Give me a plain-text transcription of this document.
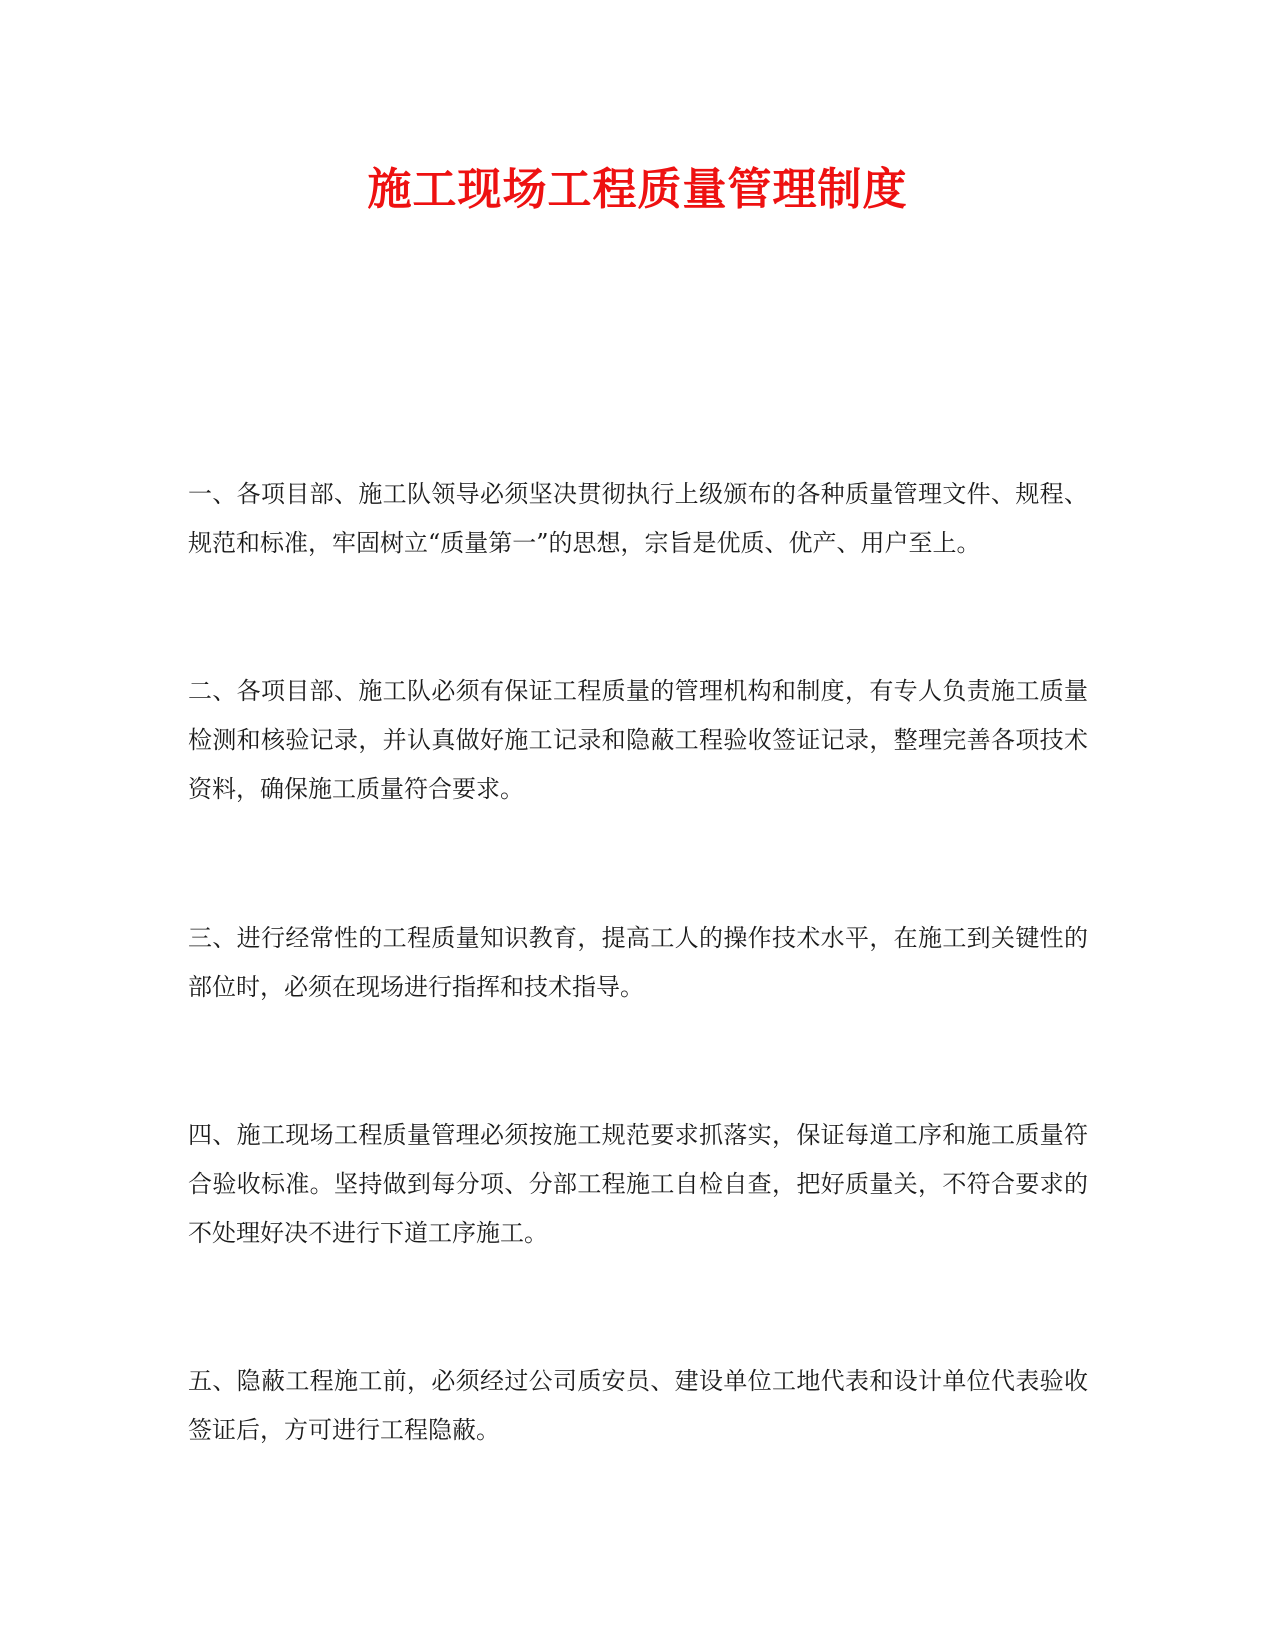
施工现场工程质量管理制度

一、各项目部、施工队领导必须坚决贯彻执行上级颁布的各种质量管理文件、规程、规范和标准，牢固树立“质量第一”的思想，宗旨是优质、优产、用户至上。

二、各项目部、施工队必须有保证工程质量的管理机构和制度，有专人负责施工质量检测和核验记录，并认真做好施工记录和隐蔽工程验收签证记录，整理完善各项技术资料，确保施工质量符合要求。

三、进行经常性的工程质量知识教育，提高工人的操作技术水平，在施工到关键性的部位时，必须在现场进行指挥和技术指导。

四、施工现场工程质量管理必须按施工规范要求抓落实，保证每道工序和施工质量符合验收标准。坚持做到每分项、分部工程施工自检自查，把好质量关，不符合要求的不处理好决不进行下道工序施工。

五、隐蔽工程施工前，必须经过公司质安员、建设单位工地代表和设计单位代表验收签证后，方可进行工程隐蔽。
